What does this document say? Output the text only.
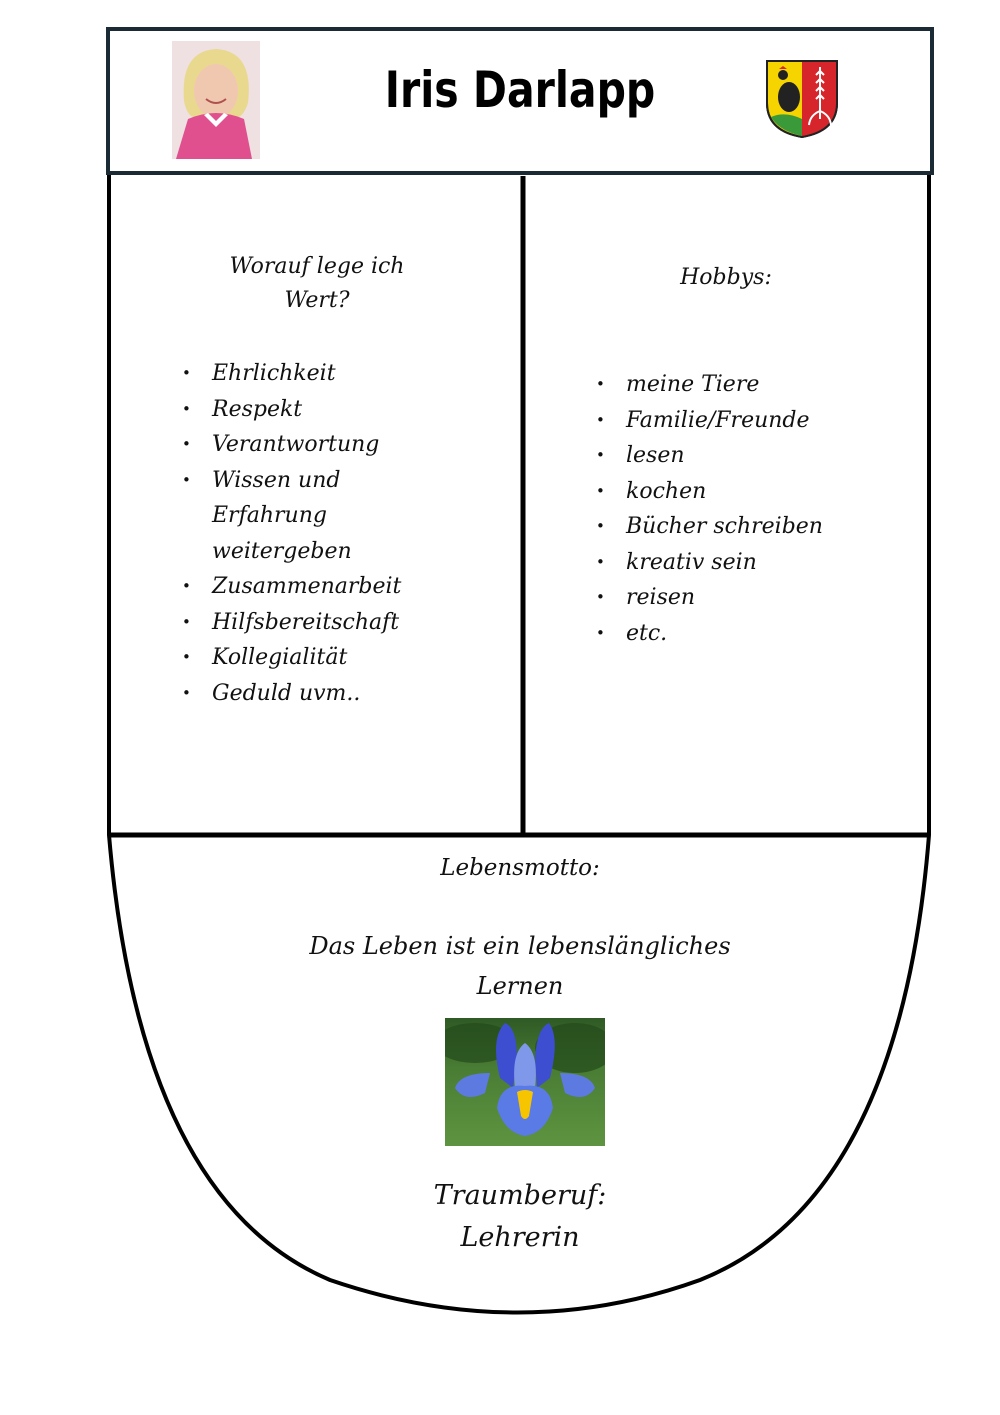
Iris Darlapp
Worauf lege ich
Wert?
• Ehrlichkeit
• Respekt
• Verantwortung
• Wissen und
Erfahrung
weitergeben
• Zusammenarbeit
• Hilfsbereitschaft
• Kollegialität
• Geduld uvm..
Hobbys:
• meine Tiere
• Familie/Freunde
• lesen
• kochen
• Bücher schreiben
• kreativ sein
• reisen
• etc.
Lebensmotto:
Das Leben ist ein lebenslängliches
Lernen
Traumberuf:
Lehrerin
